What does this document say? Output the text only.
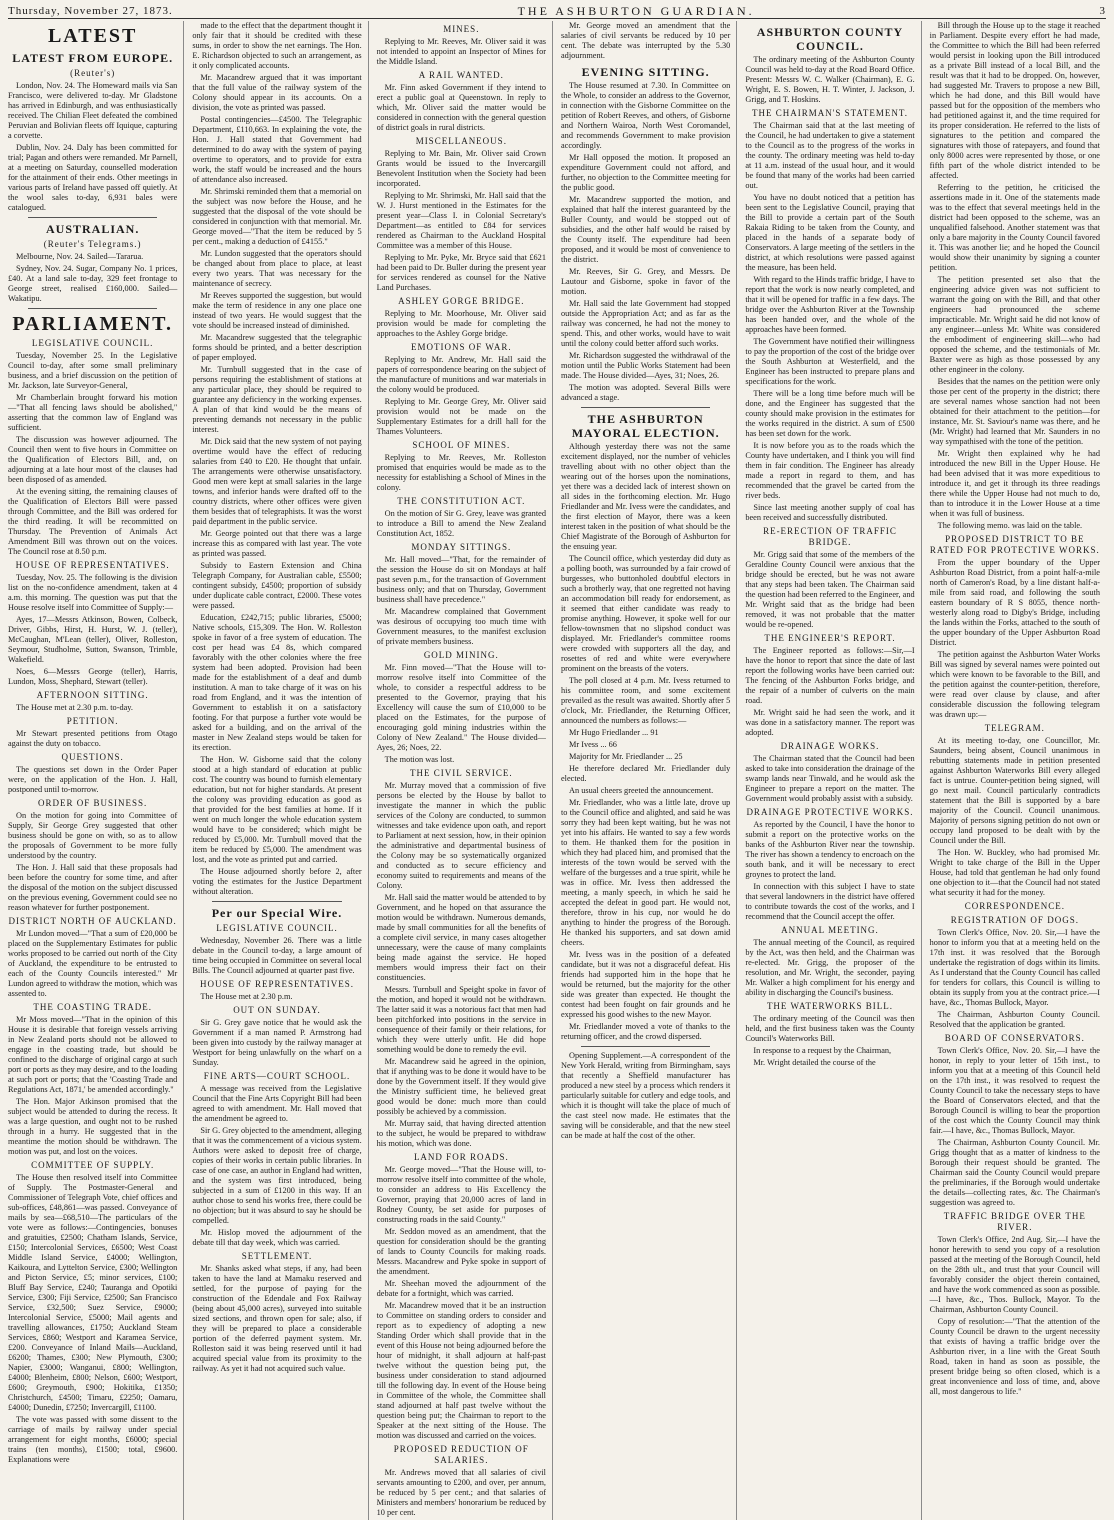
Thursday, November 27, 1873.	THE ASHBURTON GUARDIAN.	3
LATEST
LATEST FROM EUROPE.
(Reuter's)

London, Nov. 24. The Homeward mails via San Francisco, were delivered to-day. Mr Gladstone has arrived in Edinburgh, and was enthusiastically received. The Chilian Fleet defeated the combined Peruvian and Bolivian fleets off Iquique, capturing a corvette.

Dublin, Nov. 24. Daly has been committed for trial; Pagan and others were remanded. Mr Parnell, at a meeting on Saturday, counselled moderation for the attainment of their ends. Other meetings in various parts of Ireland have passed off quietly. At the wool sales to-day, 6,931 bales were catalogued.

AUSTRALIAN.
(Reuter's Telegrams.)

Melbourne, Nov. 24. Sailed—Tararua.

Sydney, Nov. 24. Sugar, Company No. 1 prices, £40. At a land sale to-day, 329 feet frontage to George street, realised £160,000. Sailed—Wakatipu.

PARLIAMENT.
LEGISLATIVE COUNCIL.

Tuesday, November 25. In the Legislative Council to-day, after some small preliminary business, and a brief discussion on the petition of Mr. Jackson, late Surveyor-General,

Mr Chamberlain brought forward his motion—"That all fencing laws should be abolished," asserting that the common law of England was sufficient.

The discussion was however adjourned. The Council then went to five hours in Committee on the Qualification of Electors Bill, and, on adjourning at a late hour most of the clauses had been disposed of as amended.

At the evening sitting, the remaining clauses of the Qualification of Electors Bill were passed through Committee, and the Bill was ordered for the third reading. It will be recommitted on Thursday. The Prevention of Animals Act Amendment Bill was thrown out on the voices. The Council rose at 8.50 p.m.

HOUSE OF REPRESENTATIVES.

Tuesday, Nov. 25. The following is the division list on the no-confidence amendment, taken at 4 a.m. this morning. The question was put that the House resolve itself into Committee of Supply:—

Ayes, 17—Messrs Atkinson, Bowen, Colbeck, Driver, Gibbs, Hirst, H. Hurst, W. J. (teller), McCaughan, M'Lean (teller), Oliver, Rolleston, Seymour, Studholme, Sutton, Swanson, Trimble, Wakefield.

Noes, 6—Messrs George (teller), Harris, Lundon, Moss, Shephard, Stewart (teller).

AFTERNOON SITTING.

The House met at 2.30 p.m. to-day.

PETITION.

Mr Stewart presented petitions from Otago against the duty on tobacco.

QUESTIONS.

The questions set down in the Order Paper were, on the application of the Hon. J. Hall, postponed until to-morrow.

ORDER OF BUSINESS.

On the motion for going into Committee of Supply, Sir George Grey suggested that other business should be gone on with, so as to allow the proposals of Government to be more fully understood by the country.

The Hon. J. Hall said that these proposals had been before the country for some time, and after the disposal of the motion on the subject discussed on the previous evening, Government could see no reason whatever for further postponement.

DISTRICT NORTH OF AUCKLAND.

Mr Lundon moved—"That a sum of £20,000 be placed on the Supplementary Estimates for public works proposed to be carried out north of the City of Auckland, the expenditure to be entrusted to each of the County Councils interested." Mr Lundon agreed to withdraw the motion, which was assented to.

THE COASTING TRADE.

Mr Moss moved—"That in the opinion of this House it is desirable that foreign vessels arriving in New Zealand ports should not be allowed to engage in the coasting trade, but should be confined to the discharge of original cargo at such port or ports as they may desire, and to the loading at such port or ports; that the 'Coasting Trade and Regulations Act, 1871,' be amended accordingly."

The Hon. Major Atkinson promised that the subject would be attended to during the recess. It was a large question, and ought not to be rushed through in a hurry. He suggested that in the meantime the motion should be withdrawn. The motion was put, and lost on the voices.

COMMITTEE OF SUPPLY.

The House then resolved itself into Committee of Supply. The Postmaster-General and Commissioner of Telegraph Vote, chief offices and sub-offices, £48,861—was passed. Conveyance of mails by sea—£68,510—The particulars of the vote were as follows:—Contingencies, bonuses and gratuities, £2500; Chatham Islands, Service, £150; Intercolonial Services, £6500; West Coast Middle Island Service, £4000; Wellington, Kaikoura, and Lyttelton Service, £300; Wellington and Picton Service, £5; minor services, £100; Bluff Bay Service, £240; Tauranga and Opotiki Service, £300; Fiji Service, £2500; San Francisco Service, £32,500; Suez Service, £9000; Intercolonial Service, £5000; Mail agents and travelling allowances, £1750; Auckland Steam Services, £860; Westport and Karamea Service, £200. Conveyance of Inland Mails—Auckland, £6200; Thames, £300; New Plymouth, £300; Napier, £3000; Wanganui, £800; Wellington, £4000; Blenheim, £800; Nelson, £600; Westport, £600; Greymouth, £900; Hokitika, £1350; Christchurch, £4500; Timaru, £2250; Oamaru, £4000; Dunedin, £7250; Invercargill, £1100.

The vote was passed with some dissent to the carriage of mails by railway under special arrangement for eight months, £6000; special trains (ten months), £1500; total, £9600. Explanations were

made to the effect that the department thought it only fair that it should be credited with these sums, in order to show the net earnings. The Hon. E. Richardson objected to such an arrangement, as it only complicated accounts.

Mr. Macandrew argued that it was important that the full value of the railway system of the Colony should appear in its accounts. On a division, the vote as printed was passed.

Postal contingencies—£4500. The Telegraphic Department, £110,663. In explaining the vote, the Hon. J. Hall stated that Government had determined to do away with the system of paying overtime to operators, and to provide for extra work, the staff would be increased and the hours of attendance also increased.

Mr. Shrimski reminded them that a memorial on the subject was now before the House, and he suggested that the disposal of the vote should be considered in conjunction with that memorial. Mr. George moved—"That the item be reduced by 5 per cent., making a deduction of £4155."

Mr. Lundon suggested that the operators should be changed about from place to place, at least every two years. That was necessary for the maintenance of secrecy.

Mr Reeves supported the suggestion, but would make the term of residence in any one place one instead of two years. He would suggest that the vote should be increased instead of diminished.

Mr. Macandrew suggested that the telegraphic forms should be printed, and a better description of paper employed.

Mr. Turnbull suggested that in the case of persons requiring the establishment of stations at any particular place, they should be required to guarantee any deficiency in the working expenses. A plan of that kind would be the means of preventing demands not necessary in the public interest.

Mr. Dick said that the new system of not paying overtime would have the effect of reducing salaries from £40 to £20. He thought that unfair. The arrangements were otherwise unsatisfactory. Good men were kept at small salaries in the large towns, and inferior hands were drafted off to the country districts, where other offices were given them besides that of telegraphists. It was the worst paid department in the public service.

Mr. George pointed out that there was a large increase this as compared with last year. The vote as printed was passed.

Subsidy to Eastern Extension and China Telegraph Company, for Australian cable, £5500; contingent subsidy, £4500; proportion of subsidy under duplicate cable contract, £2000. These votes were passed.

Education, £242,715; public libraries, £5000; Native schools, £15,309. The Hon. W. Rolleston spoke in favor of a free system of education. The cost per head was £4 8s, which compared favorably with the other colonies where the free system had been adopted. Provision had been made for the establishment of a deaf and dumb institution. A man to take charge of it was on his road from England, and it was the intention of Government to establish it on a satisfactory footing. For that purpose a further vote would be asked for a building, and on the arrival of the master in New Zealand steps would be taken for its erection.

The Hon. W. Gisborne said that the colony stood at a high standard of education at public cost. The country was bound to furnish elementary education, but not for higher standards. At present the colony was providing education as good as that provided for the best families at home. If it went on much longer the whole education system would have to be considered; which might be reduced by £5,000. Mr. Turnbull moved that the item be reduced by £5,000. The amendment was lost, and the vote as printed put and carried.

The House adjourned shortly before 2, after voting the estimates for the Justice Department without alteration.

Per our Special Wire.
LEGISLATIVE COUNCIL.

Wednesday, November 26. There was a little debate in the Council to-day, a large amount of time being occupied in Committee on several local Bills. The Council adjourned at quarter past five.

HOUSE OF REPRESENTATIVES.

The House met at 2.30 p.m.

OUT ON SUNDAY.

Sir G. Grey gave notice that he would ask the Government if a man named P. Armstrong had been given into custody by the railway manager at Westport for being unlawfully on the wharf on a Sunday.

FINE ARTS—COURT SCHOOL.

A message was received from the Legislative Council that the Fine Arts Copyright Bill had been agreed to with amendment. Mr. Hall moved that the amendment be agreed to.

Sir G. Grey objected to the amendment, alleging that it was the commencement of a vicious system. Authors were asked to deposit free of charge, copies of their works in certain public libraries. In case of one case, an author in England had written, and the system was first introduced, being subjected in a sum of £1200 in this way. If an author chose to send his works free, there could be no objection; but it was absurd to say he should be compelled.

Mr. Hislop moved the adjournment of the debate till that day week, which was carried.

SETTLEMENT.

Mr. Shanks asked what steps, if any, had been taken to have the land at Mamaku reserved and settled, for the purpose of paying for the construction of the Edendale and Fox Railway (being about 45,000 acres), surveyed into suitable sized sections, and thrown open for sale; also, if they will be prepared to place a considerable portion of the deferred payment system. Mr. Rolleston said it was being reserved until it had acquired special value from its proximity to the railway. As yet it had not acquired such value.

MINES.

Replying to Mr. Reeves, Mr. Oliver said it was not intended to appoint an Inspector of Mines for the Middle Island.

A RAIL WANTED.

Mr. Finn asked Government if they intend to erect a public goal at Queenstown. In reply to which, Mr. Oliver said the matter would be considered in connection with the general question of district goals in rural districts.

MISCELLANEOUS.

Replying to Mr. Bain, Mr. Oliver said Crown Grants would be issued to the Invercargill Benevolent Institution when the Society had been incorporated.

Replying to Mr. Shrimski, Mr. Hall said that the W. J. Hurst mentioned in the Estimates for the present year—Class I. in Colonial Secretary's Department—as entitled to £84 for services rendered as Chairman to the Auckland Hospital Committee was a member of this House.

Replying to Mr. Pyke, Mr. Bryce said that £621 had been paid to Dr. Buller during the present year for services rendered as counsel for the Native Land Purchases.

ASHLEY GORGE BRIDGE.

Replying to Mr. Moorhouse, Mr. Oliver said provision would be made for completing the approaches to the Ashley Gorge bridge.

EMOTIONS OF WAR.

Replying to Mr. Andrew, Mr. Hall said the papers of correspondence bearing on the subject of the manufacture of munitions and war materials in the colony would be produced.

Replying to Mr. George Grey, Mr. Oliver said provision would not be made on the Supplementary Estimates for a drill hall for the Thames Volunteers.

SCHOOL OF MINES.

Replying to Mr. Reeves, Mr. Rolleston promised that enquiries would be made as to the necessity for establishing a School of Mines in the colony.

THE CONSTITUTION ACT.

On the motion of Sir G. Grey, leave was granted to introduce a Bill to amend the New Zealand Constitution Act, 1852.

MONDAY SITTINGS.

Mr. Hall moved—"That, for the remainder of the session the House do sit on Mondays at half past seven p.m., for the transaction of Government business only; and that on Thursday, Government business shall have precedence."

Mr. Macandrew complained that Government was desirous of occupying too much time with Government measures, to the manifest exclusion of private members business.

GOLD MINING.

Mr. Finn moved—"That the House will to-morrow resolve itself into Committee of the whole, to consider a respectful address to be presented to the Governor, praying that his Excellency will cause the sum of £10,000 to be placed on the Estimates, for the purpose of encouraging gold mining industries within the Colony of New Zealand." The House divided—Ayes, 26; Noes, 22.

The motion was lost.

THE CIVIL SERVICE.

Mr. Murray moved that a commission of five persons be elected by the House by ballot to investigate the manner in which the public services of the Colony are conducted, to summon witnesses and take evidence upon oath, and report to Parliament at next session, how, in their opinion the administrative and departmental business of the Colony may be so systematically organized and conducted as to secure efficiency and economy suited to requirements and means of the Colony.

Mr. Hall said the matter would be attended to by Government, and he hoped on that assurance the motion would be withdrawn. Numerous demands, made by small communities for all the benefits of a complete civil service, in many cases altogether unnecessary, were the cause of many complaints being made against the service. He hoped members would impress their fact on their constituencies.

Messrs. Turnbull and Speight spoke in favor of the motion, and hoped it would not be withdrawn. The latter said it was a notorious fact that men had been pitchforked into positions in the service in consequence of their family or their relations, for which they were utterly unfit. He did hope something would be done to remedy the evil.

Mr. Macandrew said he agreed in the opinion, that if anything was to be done it would have to be done by the Government itself. If they would give the Ministry sufficient time, he believed great good would be done: much more than could possibly be achieved by a commission.

Mr. Murray said, that having directed attention to the subject, he would be prepared to withdraw his motion, which was done.

LAND FOR ROADS.

Mr. George moved—"That the House will, to-morrow resolve itself into committee of the whole, to consider an address to His Excellency the Governor, praying that 20,000 acres of land in Rodney County, be set aside for purposes of constructing roads in the said County."

Mr. Seddon moved as an amendment, that the question for consideration should be the granting of lands to County Councils for making roads. Messrs. Macandrew and Pyke spoke in support of the amendment.

Mr. Sheehan moved the adjournment of the debate for a fortnight, which was carried.

Mr. Macandrew moved that it be an instruction to Committee on standing orders to consider and report as to expediency of adopting a new Standing Order which shall provide that in the event of this House not being adjourned before the hour of midnight, it shall adjourn at half-past twelve without the question being put, the business under consideration to stand adjourned till the following day. In event of the House being in Committee of the whole, the Committee shall stand adjourned at half past twelve without the question being put; the Chairman to report to the Speaker at the next sitting of the House. The motion was discussed and carried on the voices.

PROPOSED REDUCTION OF SALARIES.

Mr. Andrews moved that all salaries of civil servants amounting to £200, and over, per annum, be reduced by 5 per cent.; and that salaries of Ministers and members' honorarium be reduced by 10 per cent.

Mr. George moved an amendment that the salaries of civil servants be reduced by 10 per cent. The debate was interrupted by the 5.30 adjournment.

EVENING SITTING.

The House resumed at 7.30. In Committee on the Whole, to consider an address to the Governor, in connection with the Gisborne Committee on the petition of Robert Reeves, and others, of Gisborne and Northern Wairoa, North West Coromandel, and recommends Government to make provision accordingly.

Mr Hall opposed the motion. It proposed an expenditure Government could not afford, and further, no objection to the Committee meeting for the public good.

Mr. Macandrew supported the motion, and explained that half the interest guaranteed by the Buller County, and would be stopped out of subsidies, and the other half would be raised by the County itself. The expenditure had been proposed, and it would be most of convenience to the district.

Mr. Reeves, Sir G. Grey, and Messrs. De Lautour and Gisborne, spoke in favor of the motion.

Mr. Hall said the late Government had stopped outside the Appropriation Act; and as far as the railway was concerned, he had not the money to spend. This, and other works, would have to wait until the colony could better afford such works.

Mr. Richardson suggested the withdrawal of the motion until the Public Works Statement had been made. The House divided—Ayes, 31; Noes, 26.

The motion was adopted. Several Bills were advanced a stage.

THE ASHBURTON MAYORAL ELECTION.

Although yesterday there was not the same excitement displayed, nor the number of vehicles travelling about with no other object than the wearing out of the horses upon the nominations, yet there was a decided lack of interest shown on all sides in the forthcoming election. Mr. Hugo Friedlander and Mr. Ivess were the candidates, and the first election of Mayor, there was a keen interest taken in the position of what should be the Chief Magistrate of the Borough of Ashburton for the ensuing year.

The Council office, which yesterday did duty as a polling booth, was surrounded by a fair crowd of burgesses, who buttonholed doubtful electors in such a brotherly way, that one regretted not having an accommodation bill ready for endorsement, as it seemed that either candidate was ready to promise anything. However, it spoke well for our fellow-townsmen that no slipshod conduct was displayed. Mr. Friedlander's committee rooms were crowded with supporters all the day, and rosettes of red and white were everywhere prominent on the breasts of the voters.

The poll closed at 4 p.m. Mr. Ivess returned to his committee room, and some excitement prevailed as the result was awaited. Shortly after 5 o'clock, Mr. Friedlander, the Returning Officer, announced the numbers as follows:—

Mr Hugo Friedlander ... 91

Mr Ivess ... 66

Majority for Mr. Friedlander ... 25

He therefore declared Mr. Friedlander duly elected.

An usual cheers greeted the announcement.

Mr. Friedlander, who was a little late, drove up to the Council office and alighted, and said he was sorry they had been kept waiting, but he was not yet into his affairs. He wanted to say a few words to them. He thanked them for the position in which they had placed him, and promised that the interests of the town would be served with the welfare of the burgesses and a true spirit, while he was in office. Mr. Ivess then addressed the meeting, a manly speech, in which he said he accepted the defeat in good part. He would not, therefore, throw in his cup, nor would he do anything to hinder the progress of the Borough. He thanked his supporters, and sat down amid cheers.

Mr. Ivess was in the position of a defeated candidate, but it was not a disgraceful defeat. His friends had supported him in the hope that he would be returned, but the majority for the other side was greater than expected. He thought the contest had been fought on fair grounds and he expressed his good wishes to the new Mayor.

Mr. Friedlander moved a vote of thanks to the returning officer, and the crowd dispersed.

Opening Supplement.—A correspondent of the New York Herald, writing from Birmingham, says that recently a Sheffield manufacturer has produced a new steel by a process which renders it particularly suitable for cutlery and edge tools, and which it is thought will take the place of much of the cast steel now made. He estimates that the saving will be considerable, and that the new steel can be made at half the cost of the other.

ASHBURTON COUNTY COUNCIL.

The ordinary meeting of the Ashburton County Council was held to-day at the Road Board Office. Present: Messrs W. C. Walker (Chairman), E. G. Wright, E. S. Bowen, H. T. Winter, J. Jackson, J. Grigg, and T. Hoskins.

THE CHAIRMAN'S STATEMENT.

The Chairman said that at the last meeting of the Council, he had undertaken to give a statement to the Council as to the progress of the works in the county. The ordinary meeting was held to-day at 11 a.m. instead of the usual hour, and it would be found that many of the works had been carried out.

You have no doubt noticed that a petition has been sent to the Legislative Council, praying that the Bill to provide a certain part of the South Rakaia Riding to be taken from the County, and placed in the hands of a separate body of Conservators. A large meeting of the settlers in the district, at which resolutions were passed against the measure, has been held.

With regard to the Hinds traffic bridge, I have to report that the work is now nearly completed, and that it will be opened for traffic in a few days. The bridge over the Ashburton River at the Township has been handed over, and the whole of the approaches have been formed.

The Government have notified their willingness to pay the proportion of the cost of the bridge over the South Ashburton at Westerfield, and the Engineer has been instructed to prepare plans and specifications for the work.

There will be a long time before much will be done, and the Engineer has suggested that the county should make provision in the estimates for the works required in the district. A sum of £500 has been set down for the work.

It is now before you as to the roads which the County have undertaken, and I think you will find them in fair condition. The Engineer has already made a report in regard to them, and has recommended that the gravel be carted from the river beds.

Since last meeting another supply of coal has been received and successfully distributed.

RE-ERECTION OF TRAFFIC BRIDGE.

Mr. Grigg said that some of the members of the Geraldine County Council were anxious that the bridge should be erected, but he was not aware that any steps had been taken. The Chairman said the question had been referred to the Engineer, and Mr. Wright said that as the bridge had been removed, it was not probable that the matter would be re-opened.

THE ENGINEER'S REPORT.

The Engineer reported as follows:—Sir,—I have the honor to report that since the date of last report the following works have been carried out: The fencing of the Ashburton Forks bridge, and the repair of a number of culverts on the main road.

Mr. Wright said he had seen the work, and it was done in a satisfactory manner. The report was adopted.

DRAINAGE WORKS.

The Chairman stated that the Council had been asked to take into consideration the drainage of the swamp lands near Tinwald, and he would ask the Engineer to prepare a report on the matter. The Government would probably assist with a subsidy.

DRAINAGE PROTECTIVE WORKS.

As reported by the Council, I have the honor to submit a report on the protective works on the banks of the Ashburton River near the township. The river has shown a tendency to encroach on the south bank, and it will be necessary to erect groynes to protect the land.

In connection with this subject I have to state that several landowners in the district have offered to contribute towards the cost of the works, and I recommend that the Council accept the offer.

ANNUAL MEETING.

The annual meeting of the Council, as required by the Act, was then held, and the Chairman was re-elected. Mr. Grigg, the proposer of the resolution, and Mr. Wright, the seconder, paying Mr. Walker a high compliment for his energy and ability in discharging the Council's business.

THE WATERWORKS BILL.

The ordinary meeting of the Council was then held, and the first business taken was the County Council's Waterworks Bill.

In response to a request by the Chairman,

Mr. Wright detailed the course of the

Bill through the House up to the stage it reached in Parliament. Despite every effort he had made, the Committee to which the Bill had been referred would persist in looking upon the Bill introduced as a private Bill instead of a local Bill, and the result was that it had to be dropped. On, however, had suggested Mr. Travers to propose a new Bill, which he had done, and this Bill would have passed but for the opposition of the members who had petitioned against it, and the time required for its proper consideration. He referred to the lists of signatures to the petition and compared the signatures with those of ratepayers, and found that only 8000 acres were represented by those, or one fifth part of the whole district intended to be affected.

Referring to the petition, he criticised the assertions made in it. One of the statements made was to the effect that several meetings held in the district had been opposed to the scheme, was an unqualified falsehood. Another statement was that only a bare majority in the County Council favored it. This was another lie; and he hoped the Council would show their unanimity by signing a counter petition.

The petition presented set also that the engineering advice given was not sufficient to warrant the going on with the Bill, and that other engineers had pronounced the scheme impracticable. Mr. Wright said he did not know of any engineer—unless Mr. White was considered the embodiment of engineering skill—who had opposed the scheme, and the testimonials of Mr. Baxter were as high as those possessed by any other engineer in the colony.

Besides that the names on the petition were only those per cent of the property in the district; there are several names whose sanction had not been obtained for their attachment to the petition—for instance, Mr. St. Saviour's name was there, and he (Mr. Wright) had learned that Mr. Saunders in no way sympathised with the tone of the petition.

Mr. Wright then explained why he had introduced the new Bill in the Upper House. He had been advised that it was more expeditious to introduce it, and get it through its three readings there while the Upper House had not much to do, than to introduce it in the Lower House at a time when it was full of business.

The following memo. was laid on the table.

PROPOSED DISTRICT TO BE RATED FOR PROTECTIVE WORKS.

From the upper boundary of the Upper Ashburton Road District, from a point half-a-mile north of Cameron's Road, by a line distant half-a-mile from said road, and following the south eastern boundary of R S 8055, thence north-westerly along road to Digby's Bridge, including the lands within the Forks, attached to the south of the upper boundary of the Upper Ashburton Road District.

The petition against the Ashburton Water Works Bill was signed by several names were pointed out which were known to be favorable to the Bill, and the petition against the counter-petition, therefore, were read over clause by clause, and after considerable discussion the following telegram was drawn up:—

TELEGRAM.

At its meeting to-day, one Councillor, Mr. Saunders, being absent, Council unanimous in rebutting statements made in petition presented against Ashburton Waterworks Bill every alleged fact is untrue. Counter-petition being signed, will go next mail. Council particularly contradicts statement that the Bill is supported by a bare majority of the Council. Council unanimous. Majority of persons signing petition do not own or occupy land proposed to be dealt with by the Council under the Bill.

The Hon. W. Buckley, who had promised Mr. Wright to take charge of the Bill in the Upper House, had told that gentleman he had only found one objection to it—that the Council had not stated what security it had for the money.

CORRESPONDENCE.
REGISTRATION OF DOGS.

Town Clerk's Office, Nov. 20. Sir,—I have the honor to inform you that at a meeting held on the 17th inst. it was resolved that the Borough undertake the registration of dogs within its limits. As I understand that the County Council has called for tenders for collars, this Council is willing to obtain its supply from you at the contract price.—I have, &c., Thomas Bullock, Mayor.

The Chairman, Ashburton County Council. Resolved that the application be granted.

BOARD OF CONSERVATORS.

Town Clerk's Office, Nov. 20. Sir,—I have the honor, in reply to your letter of 15th inst., to inform you that at a meeting of this Council held on the 17th inst., it was resolved to request the County Council to take the necessary steps to have the Board of Conservators elected, and that the Borough Council is willing to bear the proportion of the cost which the County Council may think fair.—I have, &c., Thomas Bullock, Mayor.

The Chairman, Ashburton County Council. Mr. Grigg thought that as a matter of kindness to the Borough their request should be granted. The Chairman said the County Council would prepare the preliminaries, if the Borough would undertake the details—collecting rates, &c. The Chairman's suggestion was agreed to.

TRAFFIC BRIDGE OVER THE RIVER.

Town Clerk's Office, 2nd Aug. Sir,—I have the honor herewith to send you copy of a resolution passed at the meeting of the Borough Council, held on the 28th ult., and trust that your Council will favorably consider the object therein contained, and have the work commenced as soon as possible.—I have, &c., Thos. Bullock, Mayor. To the Chairman, Ashburton County Council.

Copy of resolution:—"That the attention of the County Council be drawn to the urgent necessity that exists of having a traffic bridge over the Ashburton river, in a line with the Great South Road, taken in hand as soon as possible, the present bridge being so often closed, which is a great inconvenience and loss of time, and, above all, most dangerous to life."
